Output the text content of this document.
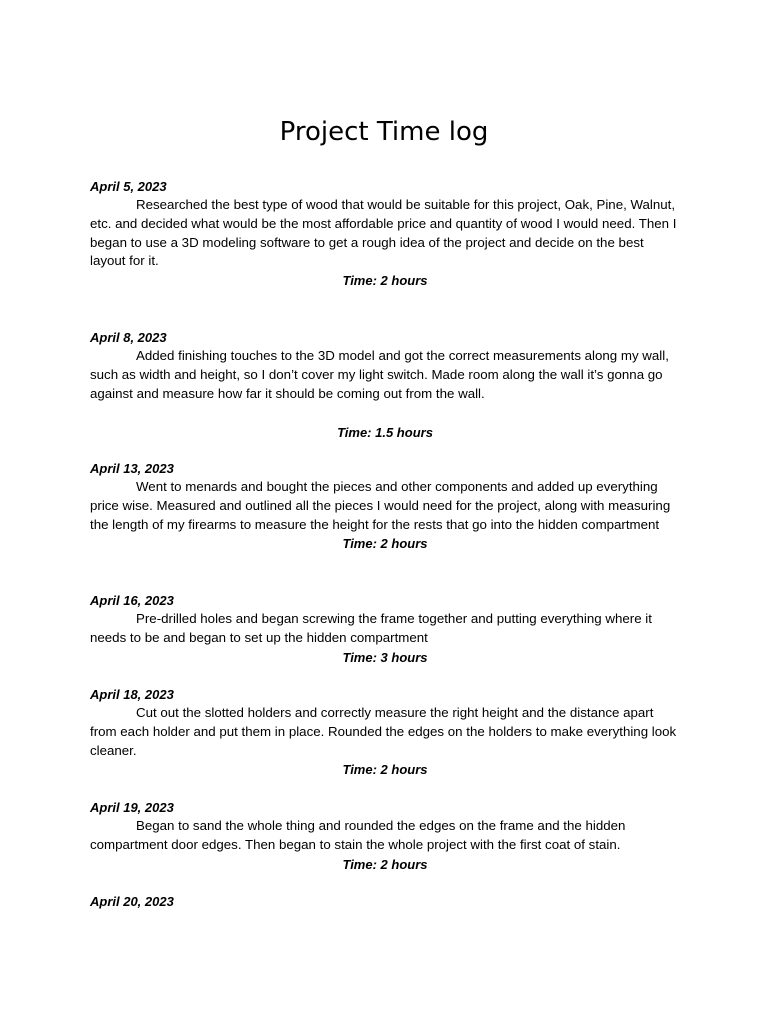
Project Time log
April 5, 2023

Researched the best type of wood that would be suitable for this project, Oak, Pine, Walnut, etc. and decided what would be the most affordable price and quantity of wood I would need. Then I began to use a 3D modeling software to get a rough idea of the project and decide on the best layout for it.

Time: 2 hours
April 8, 2023

Added finishing touches to the 3D model and got the correct measurements along my wall, such as width and height, so I don’t cover my light switch. Made room along the wall it’s gonna go against and measure how far it should be coming out from the wall.

Time: 1.5 hours
April 13, 2023

Went to menards and bought the pieces and other components and added up everything price wise. Measured and outlined all the pieces I would need for the project, along with measuring the length of my firearms to measure the height for the rests that go into the hidden compartment

Time: 2 hours
April 16, 2023

Pre-drilled holes and began screwing the frame together and putting everything where it needs to be and began to set up the hidden compartment

Time: 3 hours
April 18, 2023

Cut out the slotted holders and correctly measure the right height and the distance apart from each holder and put them in place. Rounded the edges on the holders to make everything look cleaner.

Time: 2 hours
April 19, 2023

Began to sand the whole thing and rounded the edges on the frame and the hidden compartment door edges. Then began to stain the whole project with the first coat of stain.

Time: 2 hours
April 20, 2023
